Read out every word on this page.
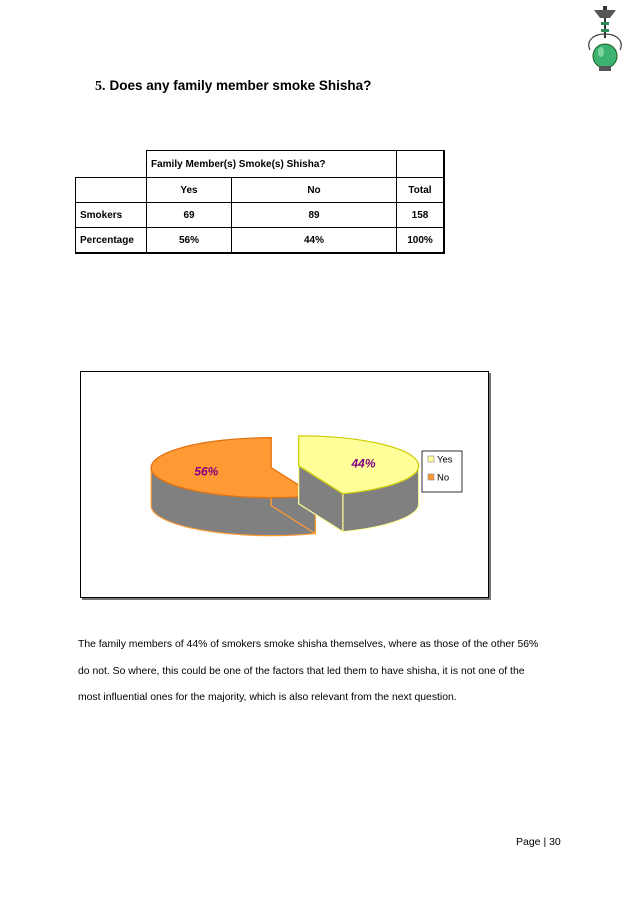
5. Does any family member smoke Shisha?
	Family Member(s) Smoke(s) Shisha?		
	Yes	No	Total
Smokers	69	89	158
Percentage	56%	44%	100%
56%
44%	Yes
No
The family members of 44% of smokers smoke shisha themselves, where as those of the other 56%
do not. So where, this could be one of the factors that led them to have shisha, it is not one of the
most influential ones for the majority, which is also relevant from the next question.
Page | 30
